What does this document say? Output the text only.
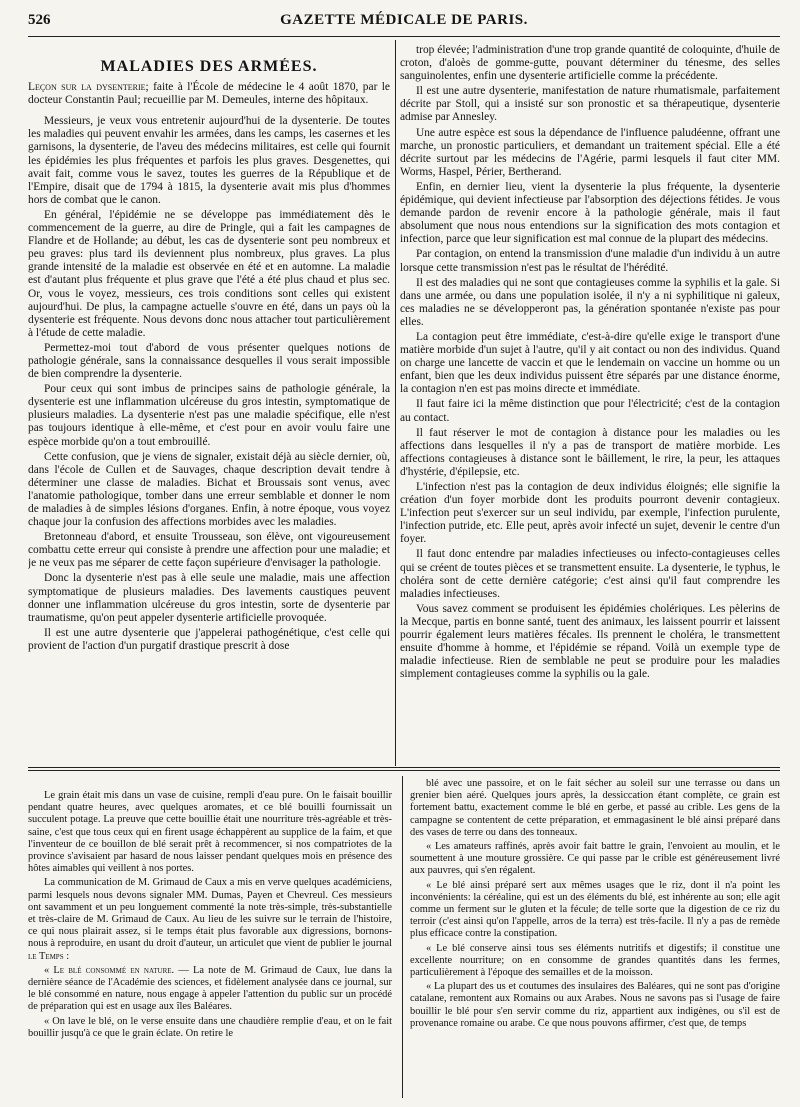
526	GAZETTE MÉDICALE DE PARIS.
MALADIES DES ARMÉES.

Leçon sur la dysenterie; faite à l'École de médecine le 4 août 1870, par le docteur Constantin Paul; recueillie par M. Demeules, interne des hôpitaux.

Messieurs, je veux vous entretenir aujourd'hui de la dysenterie. De toutes les maladies qui peuvent envahir les armées, dans les camps, les casernes et les garnisons, la dysenterie, de l'aveu des médecins militaires, est celle qui fournit les épidémies les plus fréquentes et parfois les plus graves. Desgenettes, qui avait fait, comme vous le savez, toutes les guerres de la République et de l'Empire, disait que de 1794 à 1815, la dysenterie avait mis plus d'hommes hors de combat que le canon.

En général, l'épidémie ne se développe pas immédiatement dès le commencement de la guerre, au dire de Pringle, qui a fait les campagnes de Flandre et de Hollande; au début, les cas de dysenterie sont peu nombreux et peu graves: plus tard ils deviennent plus nombreux, plus graves. La plus grande intensité de la maladie est observée en été et en automne. La maladie est d'autant plus fréquente et plus grave que l'été a été plus chaud et plus sec. Or, vous le voyez, messieurs, ces trois conditions sont celles qui existent aujourd'hui. De plus, la campagne actuelle s'ouvre en été, dans un pays où la dysenterie est fréquente. Nous devons donc nous attacher tout particulièrement à l'étude de cette maladie.

Permettez-moi tout d'abord de vous présenter quelques notions de pathologie générale, sans la connaissance desquelles il vous serait impossible de bien comprendre la dysenterie.

Pour ceux qui sont imbus de principes sains de pathologie générale, la dysenterie est une inflammation ulcéreuse du gros intestin, symptomatique de plusieurs maladies. La dysenterie n'est pas une maladie spécifique, elle n'est pas toujours identique à elle-même, et c'est pour en avoir voulu faire une espèce morbide qu'on a tout embrouillé.

Cette confusion, que je viens de signaler, existait déjà au siècle dernier, où, dans l'école de Cullen et de Sauvages, chaque description devait tendre à déterminer une classe de maladies. Bichat et Broussais sont venus, avec l'anatomie pathologique, tomber dans une erreur semblable et donner le nom de maladies à de simples lésions d'organes. Enfin, à notre époque, vous voyez chaque jour la confusion des affections morbides avec les maladies.

Bretonneau d'abord, et ensuite Trousseau, son élève, ont vigoureusement combattu cette erreur qui consiste à prendre une affection pour une maladie; et je ne veux pas me séparer de cette façon supérieure d'envisager la pathologie.

Donc la dysenterie n'est pas à elle seule une maladie, mais une affection symptomatique de plusieurs maladies. Des lavements caustiques peuvent donner une inflammation ulcéreuse du gros intestin, sorte de dysenterie par traumatisme, qu'on peut appeler dysenterie artificielle provoquée.

Il est une autre dysenterie que j'appelerai pathogénétique, c'est celle qui provient de l'action d'un purgatif drastique prescrit à dose

trop élevée; l'administration d'une trop grande quantité de coloquinte, d'huile de croton, d'aloès de gomme-gutte, pouvant déterminer du ténesme, des selles sanguinolentes, enfin une dysenterie artificielle comme la précédente.

Il est une autre dysenterie, manifestation de nature rhumatismale, parfaitement décrite par Stoll, qui a insisté sur son pronostic et sa thérapeutique, dysenterie admise par Annesley.

Une autre espèce est sous la dépendance de l'influence paludéenne, offrant une marche, un pronostic particuliers, et demandant un traitement spécial. Elle a été décrite surtout par les médecins de l'Agérie, parmi lesquels il faut citer MM. Worms, Haspel, Périer, Bertherand.

Enfin, en dernier lieu, vient la dysenterie la plus fréquente, la dysenterie épidémique, qui devient infectieuse par l'absorption des déjections fétides. Je vous demande pardon de revenir encore à la pathologie générale, mais il faut absolument que nous nous entendions sur la signification des mots contagion et infection, parce que leur signification est mal connue de la plupart des médecins.

Par contagion, on entend la transmission d'une maladie d'un individu à un autre lorsque cette transmission n'est pas le résultat de l'hérédité.

Il est des maladies qui ne sont que contagieuses comme la syphilis et la gale. Si dans une armée, ou dans une population isolée, il n'y a ni syphilitique ni galeux, ces maladies ne se développeront pas, la génération spontanée n'existe pas pour elles.

La contagion peut être immédiate, c'est-à-dire qu'elle exige le transport d'une matière morbide d'un sujet à l'autre, qu'il y ait contact ou non des individus. Quand on charge une lancette de vaccin et que le lendemain on vaccine un homme ou un enfant, bien que les deux individus puissent être séparés par une distance énorme, la contagion n'en est pas moins directe et immédiate.

Il faut faire ici la même distinction que pour l'électricité; c'est de la contagion au contact.

Il faut réserver le mot de contagion à distance pour les maladies ou les affections dans lesquelles il n'y a pas de transport de matière morbide. Les affections contagieuses à distance sont le bâillement, le rire, la peur, les attaques d'hystérie, d'épilepsie, etc.

L'infection n'est pas la contagion de deux individus éloignés; elle signifie la création d'un foyer morbide dont les produits pourront devenir contagieux. L'infection peut s'exercer sur un seul individu, par exemple, l'infection purulente, l'infection putride, etc. Elle peut, après avoir infecté un sujet, devenir le centre d'un foyer.

Il faut donc entendre par maladies infectieuses ou infecto-contagieuses celles qui se créent de toutes pièces et se transmettent ensuite. La dysenterie, le typhus, le choléra sont de cette dernière catégorie; c'est ainsi qu'il faut comprendre les maladies infectieuses.

Vous savez comment se produisent les épidémies cholériques. Les pèlerins de la Mecque, partis en bonne santé, tuent des animaux, les laissent pourrir et laissent pourrir également leurs matières fécales. Ils prennent le choléra, le transmettent ensuite d'homme à homme, et l'épidémie se répand. Voilà un exemple type de maladie infectieuse. Rien de semblable ne peut se produire pour les maladies simplement contagieuses comme la syphilis ou la gale.

Le grain était mis dans un vase de cuisine, rempli d'eau pure. On le faisait bouillir pendant quatre heures, avec quelques aromates, et ce blé bouilli fournissait un succulent potage. La preuve que cette bouillie était une nourriture très-agréable et très-saine, c'est que tous ceux qui en firent usage échappèrent au supplice de la faim, et que l'inventeur de ce bouillon de blé serait prêt à recommencer, si nos compatriotes de la province s'avisaient par hasard de nous laisser pendant quelques mois en présence des hôtes aimables qui veillent à nos portes.

La communication de M. Grimaud de Caux a mis en verve quelques académiciens, parmi lesquels nous devons signaler MM. Dumas, Payen et Chevreul. Ces messieurs ont savamment et un peu longuement commenté la note très-simple, très-substantielle et très-claire de M. Grimaud de Caux. Au lieu de les suivre sur le terrain de l'histoire, ce qui nous plairait assez, si le temps était plus favorable aux digressions, bornons-nous à reproduire, en usant du droit d'auteur, un articulet que vient de publier le journal le Temps :

« Le blé consommé en nature. — La note de M. Grimaud de Caux, lue dans la dernière séance de l'Académie des sciences, et fidèlement analysée dans ce journal, sur le blé consommé en nature, nous engage à appeler l'attention du public sur un procédé de préparation qui est en usage aux îles Baléares.

« On lave le blé, on le verse ensuite dans une chaudière remplie d'eau, et on le fait bouillir jusqu'à ce que le grain éclate. On retire le

blé avec une passoire, et on le fait sécher au soleil sur une terrasse ou dans un grenier bien aéré. Quelques jours après, la dessiccation étant complète, ce grain est fortement battu, exactement comme le blé en gerbe, et passé au crible. Les gens de la campagne se contentent de cette préparation, et emmagasinent le blé ainsi préparé dans des vases de terre ou dans des tonneaux.

« Les amateurs raffinés, après avoir fait battre le grain, l'envoient au moulin, et le soumettent à une mouture grossière. Ce qui passe par le crible est généreusement livré aux pauvres, qui s'en régalent.

« Le blé ainsi préparé sert aux mêmes usages que le riz, dont il n'a point les inconvénients: la céréaline, qui est un des éléments du blé, est inhérente au son; elle agit comme un ferment sur le gluten et la fécule; de telle sorte que la digestion de ce riz du terroir (c'est ainsi qu'on l'appelle, arros de la terra) est très-facile. Il n'y a pas de remède plus efficace contre la constipation.

« Le blé conserve ainsi tous ses éléments nutritifs et digestifs; il constitue une excellente nourriture; on en consomme de grandes quantités dans les fermes, particulièrement à l'époque des semailles et de la moisson.

« La plupart des us et coutumes des insulaires des Baléares, qui ne sont pas d'origine catalane, remontent aux Romains ou aux Arabes. Nous ne savons pas si l'usage de faire bouillir le blé pour s'en servir comme du riz, appartient aux indigènes, ou s'il est de provenance romaine ou arabe. Ce que nous pouvons affirmer, c'est que, de temps
